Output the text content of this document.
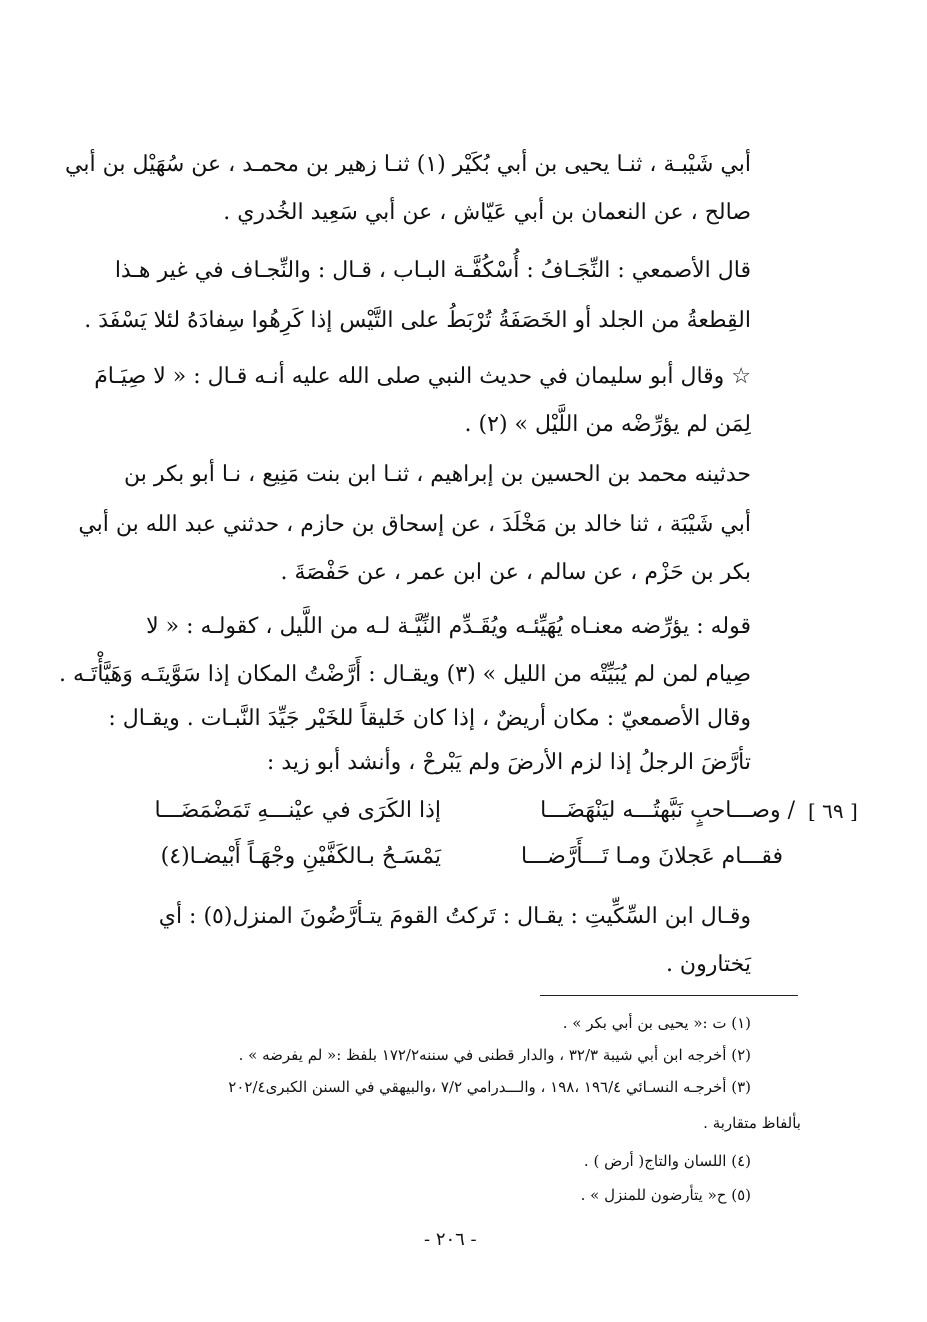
أبي شَيْبـة ، ثنـا يحيى بن أبي بُكَيْر (١) ثنـا زهير بن محمـد ، عن سُهَيْل بن أبي
صالح ، عن النعمان بن أبي عَيّاش ، عن أبي سَعِيد الخُدري .
قال الأصمعي : النِّجَـافُ : أُسْكُفَّـة البـاب ، قـال : والنِّجـاف في غير هـذا
القِطعةُ من الجلد أو الخَصَفَةُ تُرْبَطُ على التَّيْس إذا كَرِهُوا سِفادَهُ لئلا يَسْفَدَ .
☆ وقال أبو سليمان في حديث النبي صلى الله عليه أنـه قـال : « لا صِيَـامَ
لِمَن لم يؤرِّضْه من اللَّيْل » (٢) .
حدثينه محمد بن الحسين بن إبراهيم ، ثنـا ابن بنت مَنِيع ، نـا أبو بكر بن
أبي شَيْبَة ، ثنا خالد بن مَخْلَدَ ، عن إسحاق بن حازم ، حدثني عبد الله بن أبي
بكر بن حَزْم ، عن سالم ، عن ابن عمر ، عن حَفْصَةَ .
قوله : يؤرِّضه معنـاه يُهَيِّئـه ويُقَـدِّم النِّيَّـة لـه من اللَّيل ، كقولـه : « لا
صِيام لمن لم يُبَيِّتْه من الليل » (٣) ويقـال : أَرَّضْتُ المكان إذا سَوَّيتَـه وَهَيَّأْتَـه .
وقال الأصمعيّ : مكان أريضٌ ، إذا كان خَليقاً للخَيْر جَيِّدَ النَّبـات . ويقـال :
تأرَّضَ الرجلُ إذا لزم الأرضَ ولم يَبْرحْ ، وأنشد أبو زيد :
[ ٦٩ ]
/ وصـــاحبٍ نَبَّهتُـــه ليَنْهَضَـــا
إذا الكَرَى في عيْنـــهِ تَمَضْمَضَـــا
فقـــام عَجلانَ ومـا تَـــأَرَّضـــا
يَمْسَـحُ بـالكَفَّيْنِ وجْهَـاً أَبْيضـا(٤)
وقـال ابن السِّكِّيتِ : يقـال : تَركتُ القومَ يتـأرَّضُونَ المنزل(٥) : أي
يَختارون .
(١) ت :« يحيى بن أبي بكر » .
(٢) أخرجه ابن أبي شيبة ٣٢/٣ ، والدار قطنى في سننه١٧٢/٢ بلفظ :« لم يفرضه » .
(٣) أخرجـه النسـائي ١٩٦/٤ ،١٩٨ ، والـــدرامي ٧/٢ ،والبيهقي في السنن الكبرى٢٠٢/٤
بألفاظ متقاربة .
(٤) اللسان والتاج( أرض ) .
(٥) ح« يتأرضون للمنزل » .
- ٢٠٦ -
